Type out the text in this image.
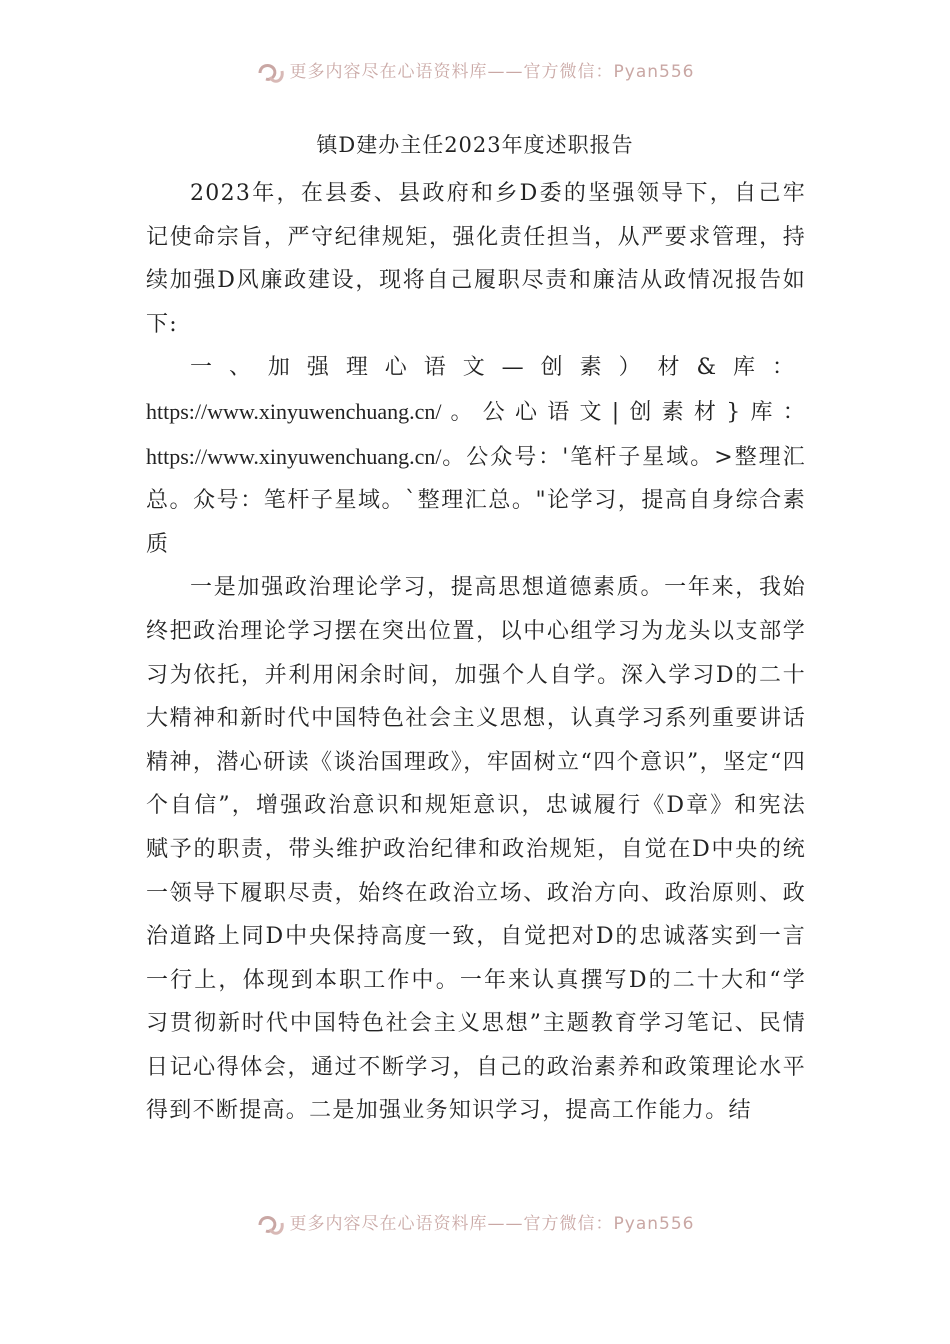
更多内容尽在心语资料库——官方微信：Pyan556
镇D建办主任2023年度述职报告

2023年，在县委、县政府和乡D委的坚强领导下，自己牢记使命宗旨，严守纪律规矩，强化责任担当，从严要求管理，持续加强D风廉政建设，现将自己履职尽责和廉洁从政情况报告如下:

一、加强理心语文—创素）材&库：https://www.xinyuwenchuang.cn/。公心语文|创素材}库：https://www.xinyuwenchuang.cn/。公众号：'笔杆子星域。>整理汇总。众号：笔杆子星域。`整理汇总。"论学习，提高自身综合素质

一是加强政治理论学习，提高思想道德素质。一年来，我始终把政治理论学习摆在突出位置，以中心组学习为龙头以支部学习为依托，并利用闲余时间，加强个人自学。深入学习D的二十大精神和新时代中国特色社会主义思想，认真学习系列重要讲话精神，潜心研读《谈治国理政》，牢固树立“四个意识”，坚定“四个自信”，增强政治意识和规矩意识，忠诚履行《D章》和宪法赋予的职责，带头维护政治纪律和政治规矩，自觉在D中央的统一领导下履职尽责，始终在政治立场、政治方向、政治原则、政治道路上同D中央保持高度一致，自觉把对D的忠诚落实到一言一行上，体现到本职工作中。一年来认真撰写D的二十大和“学习贯彻新时代中国特色社会主义思想”主题教育学习笔记、民情日记心得体会，通过不断学习，自己的政治素养和政策理论水平得到不断提高。二是加强业务知识学习，提高工作能力。结

更多内容尽在心语资料库——官方微信：Pyan556
